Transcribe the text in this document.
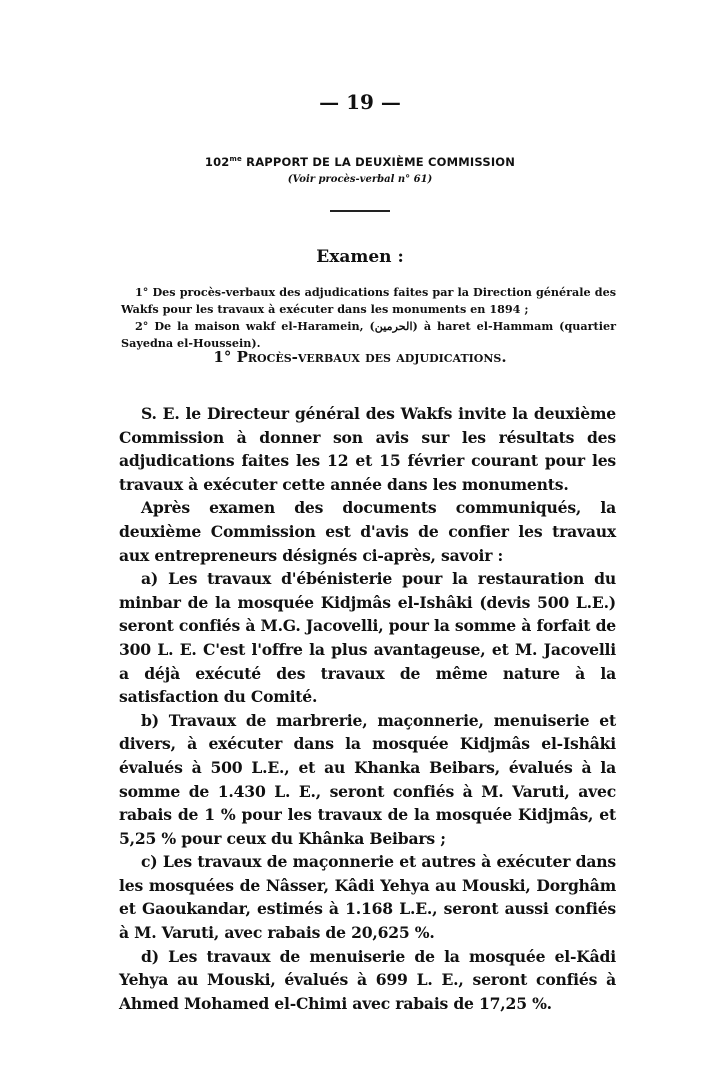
— 19 —
$102^{me}$ RAPPORT DE LA DEUXIÈME COMMISSION
(Voir procès-verbal n° 61)
Examen :

1° Des procès-verbaux des adjudications faites par la Direction générale des Wakfs pour les travaux à exécuter dans les monuments en 1894 ;

2° De la maison wakf el-Haramein, (الحرمين) à haret el-Hammam (quartier Sayedna el-Houssein).

1° Procès-verbaux des adjudications.

S. E. le Directeur général des Wakfs invite la deuxième Commission à donner son avis sur les résultats des adjudications faites les 12 et 15 février courant pour les travaux à exécuter cette année dans les monuments.

Après examen des documents communiqués, la deuxième Commission est d'avis de confier les travaux aux entrepreneurs désignés ci-après, savoir :

a) Les travaux d'ébénisterie pour la restauration du minbar de la mosquée Kidjmâs el-Ishâki (devis 500 L.E.) seront confiés à M.G. Jacovelli, pour la somme à forfait de 300 L. E. C'est l'offre la plus avantageuse, et M. Jacovelli a déjà exécuté des travaux de même nature à la satisfaction du Comité.

b) Travaux de marbrerie, maçonnerie, menuiserie et divers, à exécuter dans la mosquée Kidjmâs el-Ishâki évalués à 500 L.E., et au Khanka Beibars, évalués à la somme de 1.430 L. E., seront confiés à M. Varuti, avec rabais de 1 % pour les travaux de la mosquée Kidjmâs, et 5,25 % pour ceux du Khânka Beibars ;

c) Les travaux de maçonnerie et autres à exécuter dans les mosquées de Nâsser, Kâdi Yehya au Mouski, Dorghâm et Gaoukandar, estimés à 1.168 L.E., seront aussi confiés à M. Varuti, avec rabais de 20,625 %.

d) Les travaux de menuiserie de la mosquée el-Kâdi Yehya au Mouski, évalués à 699 L. E., seront confiés à Ahmed Mohamed el-Chimi avec rabais de 17,25 %.
